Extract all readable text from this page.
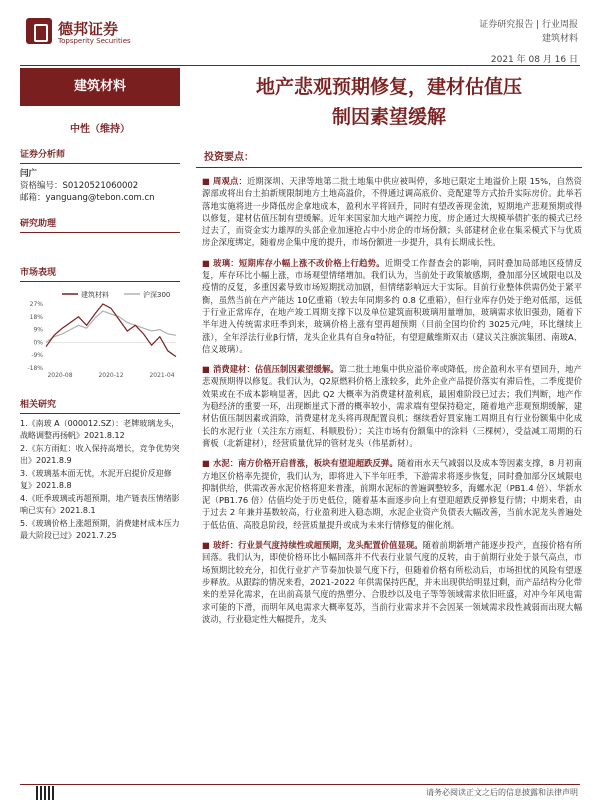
德邦证券
Topsperity Securities
证券研究报告 | 行业周报
建筑材料
2021 年 08 月 16 日
建筑材料
中性（维持）
证券分析师
闫广
资格编号：S0120521060002
邮箱：yanguang@tebon.com.cn
研究助理
市场表现
建筑材料	沪深300
27%
18%
9%
0%
-9%
-18%
2020-08	2020-12	2021-04
相关研究
1.《南玻 A（000012.SZ）：老牌玻璃龙头，战略调整再扬帆》2021.8.12
2.《东方雨虹：收入保持高增长，竞争优势突出》2021.8.9
3.《玻璃基本面无忧，水泥开启提价反迎修复》2021.8.8
4.《旺季玻璃或再超预期，地产链表压情绪影响已实有》2021.8.1
5.《玻璃价格上涨超预期，消费建材成本压力最大阶段已过》2021.7.25
地产悲观预期修复，建材估值压
制因素望缓解
投资要点：

■ 周观点：近期深圳、天津等地第二批土地集中供应被叫停，多地已限定土地溢价上限 15%，自然资源部或将出台土拍新规限制地方土地高溢价，不得通过调高底价、竞配建等方式抬升实际房价。此举若落地实施将进一步降低房企拿地成本，盈利水平将回升，同时有望改善现金流，短期地产悲观预期或得以修复，建材估值压制有望缓解。近年来国家加大地产调控力度，房企通过大规模举债扩张的模式已经过去了，而资金实力雄厚的头部企业加速抢占中小房企的市场份额；头部建材企业在集采模式下与优质房企深度绑定，随着房企集中度的提升，市场份额进一步提升，具有长期成长性。

■ 玻璃：短期库存小幅上涨不改价格上行趋势。近期受工作督查会的影响，同时叠加局部地区疫情反复，库存环比小幅上涨，市场观望情绪增加。我们认为，当前处于政策敏感期，叠加部分区域限电以及疫情的反复，多重因素导致市场短期扰动加剧，但情绪影响远大于实际。目前行业整体供需仍处于紧平衡，虽然当前在产产能达 10亿重箱（较去年同期多约 0.8 亿重箱），但行业库存仍处于绝对低部，远低于行业正常库存，在地产竣工周期支撑下以及单位建筑面积玻璃用量增加，玻璃需求依旧强劲，随着下半年进入传统需求旺季到来，玻璃价格上涨有望再超预期（目前全国均价约 3025元/吨，环比继续上涨），全年浮法行业β行情，龙头企业具有自身α特征，有望迎戴维斯双击（建议关注旗滨集团、南玻A、信义玻璃）。

■ 消费建材：估值压制因素望缓解。第二批土地集中供应溢价率或降低，房企盈利水平有望回升，地产悲观预期得以修复。我们认为，Q2原燃料价格上涨较多，此外企业产品提价落实有滞后性，二季度提价效果或在不成本影响显著，因此 Q2 大概率为消费建材盈利底，最困难阶段已过去；我们判断，地产作为稳经济的重要一环，出现断崖式下滑的概率较小，需求端有望保持稳定，随着地产悲观预期缓解，建材估值压制因素或消除，消费建材龙头将再现配置良机；继续看好買家施工周期且有行业份额集中化成长的水泥行业（关注东方雨虹、科顺股份）；关注市场有份额集中的涂料（三棵树），受益减工周期的石膏板（北新建材），经营质量优异的管材龙头（伟星新材）。

■ 水泥：南方价格开启普涨，板块有望迎超跌反弹。随着雨水天气减弱以及成本等因素支撑，8 月初南方地区价格率先提价，我们认为，即将进入下半年旺季，下游需求将逐步恢复，同时叠加部分区域限电抑制供给，供需改善水泥价格将迎来普涨，前期水泥标的普遍调整较多，海螺水泥（PB1.4 倍）、华新水泥（PB1.76 倍）估值均处于历史低位，随着基本面逐步向上有望迎超跌反弹修复行情；中期来看，由于过去 2 年兼并基数较高，行业盈利进入稳态期，水泥企业资产负债表大幅改善，当前水泥龙头普遍处于低估值、高股息阶段，经营质量提升或成为未来行情修复的催化剂。

■ 玻纤：行业景气度持续性或超预期，龙头配置价值显现。随着前期新增产能逐步投产，直接价格有所回落。我们认为，即使价格环比小幅回落并不代表行业景气度的反转，由于前期行业处于景气高点，市场预期比较充分，扣优行业扩产节奏加快景气度下行，但随着价格有所松动后，市场担忧的风险有望逐步释放。从跟踪的情况来看，2021-2022 年供需保持匹配，并未出现供给明显过剩，而产品结构分化带来的差异化需求，在出前高景气度的热塑分、合股纱以及电子等等领域需求依旧旺盛，对冲今年风电需求可能的下滑，而明年风电需求大概率复苏，当前行业需求并不会因某一领域需求段性减弱而出现大幅波动，行业稳定性大幅提升，龙头

请务必阅读正文之后的信息披露和法律声明
